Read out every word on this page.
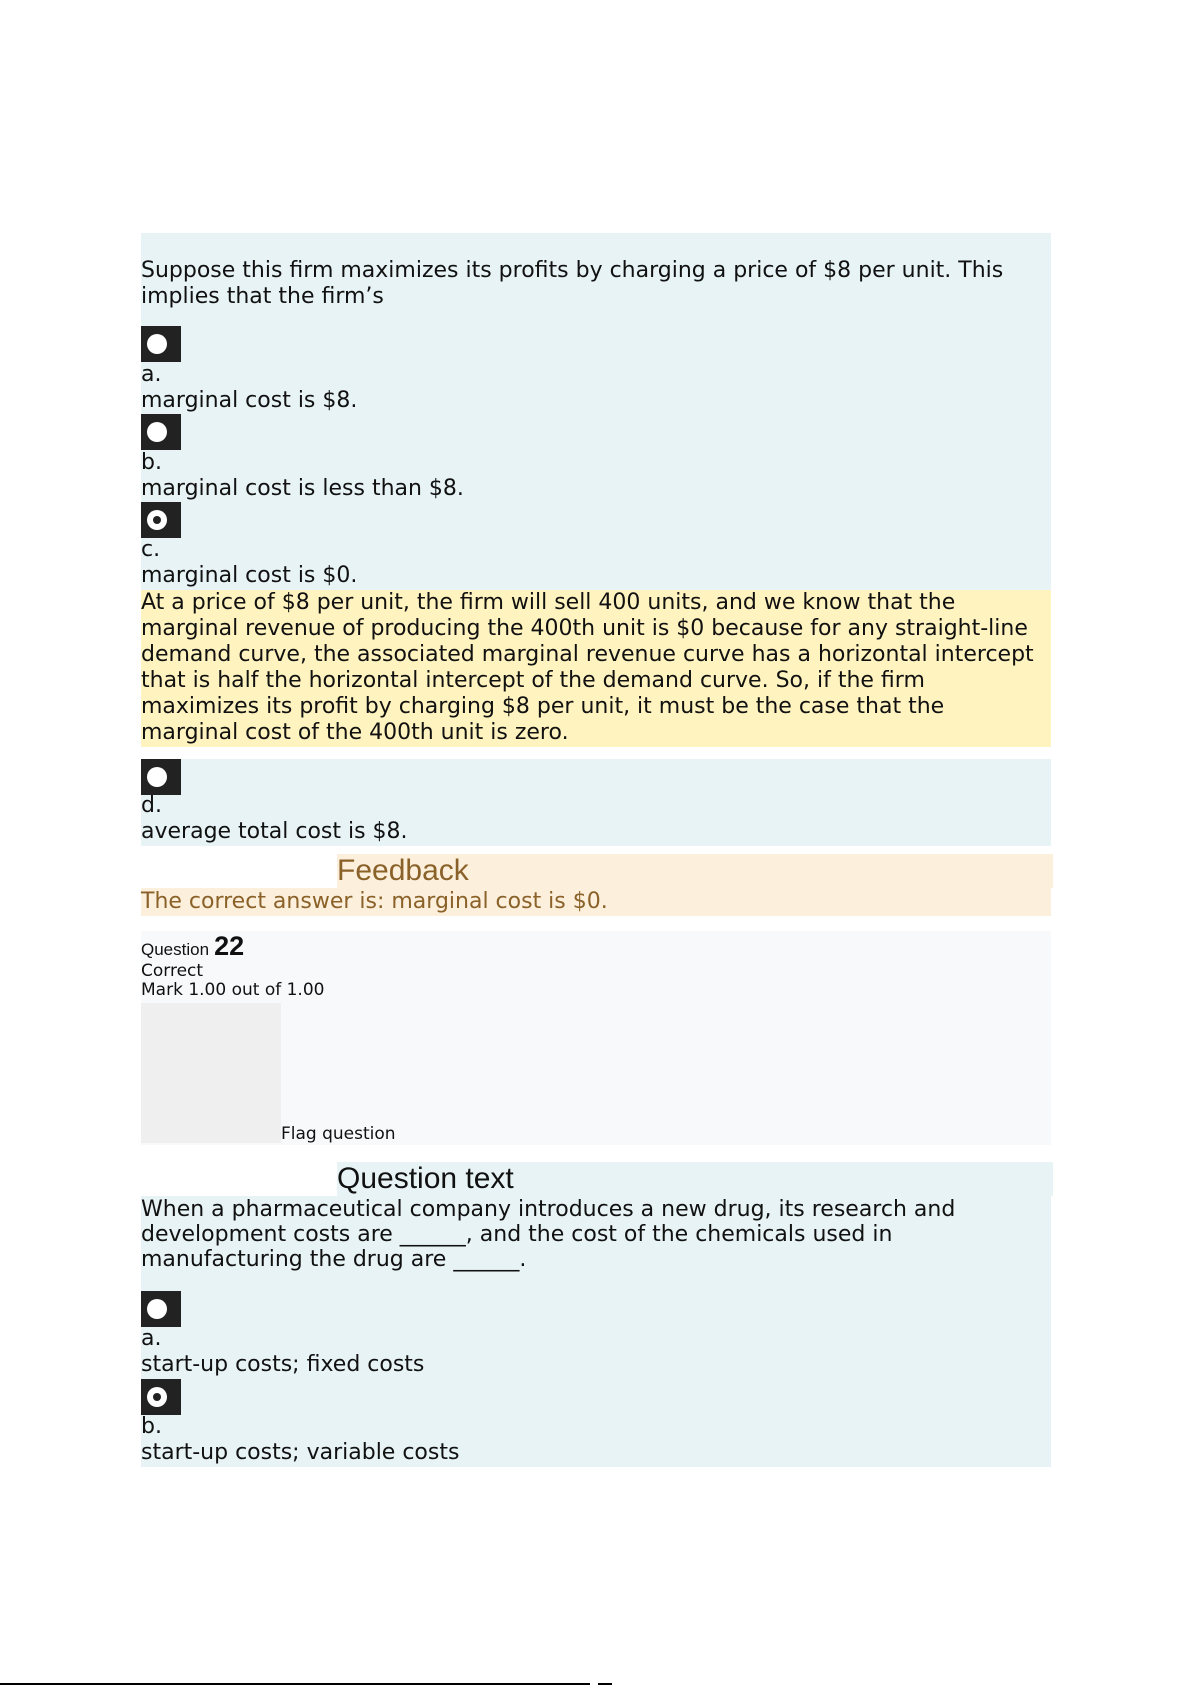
Suppose this firm maximizes its profits by charging a price of $8 per unit. This
implies that the firm’s
a.
marginal cost is $8.
b.
marginal cost is less than $8.
c.
marginal cost is $0.
At a price of $8 per unit, the firm will sell 400 units, and we know that the
marginal revenue of producing the 400th unit is $0 because for any straight-line
demand curve, the associated marginal revenue curve has a horizontal intercept
that is half the horizontal intercept of the demand curve. So, if the firm
maximizes its profit by charging $8 per unit, it must be the case that the
marginal cost of the 400th unit is zero.
d.
average total cost is $8.
Feedback
The correct answer is: marginal cost is $0.
Question 22
Correct
Mark 1.00 out of 1.00
Flag question
Question text
When a pharmaceutical company introduces a new drug, its research and
development costs are ______, and the cost of the chemicals used in
manufacturing the drug are ______.
a.
start-up costs; fixed costs
b.
start-up costs; variable costs
